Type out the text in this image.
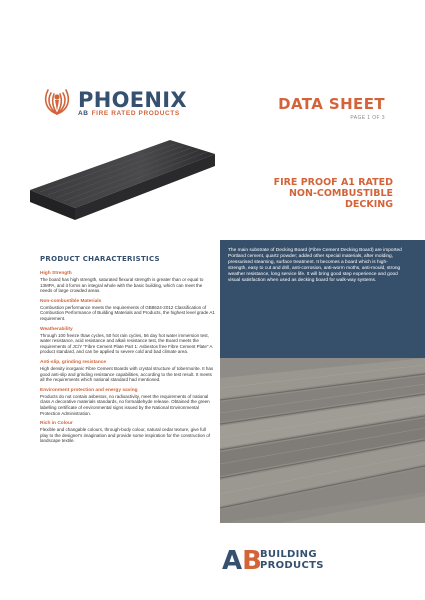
PHOENIX
AB FIRE RATED PRODUCTS
DATA SHEET
PAGE 1 OF 3
FIRE PROOF A1 RATED
NON-COMBUSTIBLE
DECKING
PRODUCT CHARACTERISTICS
High Strength
The board has high strength, saturated flexural strength is greater than or equal to 13MPA, and it forms an integral whole with the basic building, which can meet the needs of large crowded areas.
Non-combustible Materials
Combustion performance meets the requirements of GB8624-2012 Classification of Combustion Performance of Building Materials and Products, the highest level grade A1 requirement.
Weatherability
Through 100 freeze thaw cycles, 50 hot rain cycles, 56 day hot water immersion test, water resistance, acid resistance and alkali resistance test, the Board meets the requirements of JC/Y "Fibre Cement Plate Part 1: Asbestos free Fibre Cement Plate" A product standard, and can be applied to severe cold and bad climate area.
Anti-slip, grinding resistance
High density inorganic Fibre Cement Boards with crystal structure of tobermorite. It has good anti-slip and grinding resistance capabilities, according to the test result. It meets all the requirements which national standard had mentioned.
Environment protection and energy saving
Products do not contain asbestos, no radioactivity, meet the requirements of national class A decorative materials standards, no formaldehyde release. Obtained the green labelling certificate of environmental signs issued by the National Environmental Protection Administration.
Rich in Colour
Flexible and changable colours, through-body colour, natural cedar texture, give full play to the designer's imagination and provide some inspiration for the construction of landscape textile.
The main substrate of Decking Board (Fibre Cement Decking Board) are imported Portland cement, quartz powder; added other special materials, after molding, pressurised steaming, surface treatment. It becomes a board which is high-strength, easy to cut and drill, anti-corrosion, anti-worm moths, anti-mould, strong weather resistance, long service life. It will bring good step experience and good visual satisfaction when used as decking board for walk-way systems.
AB
BUILDING
PRODUCTS
